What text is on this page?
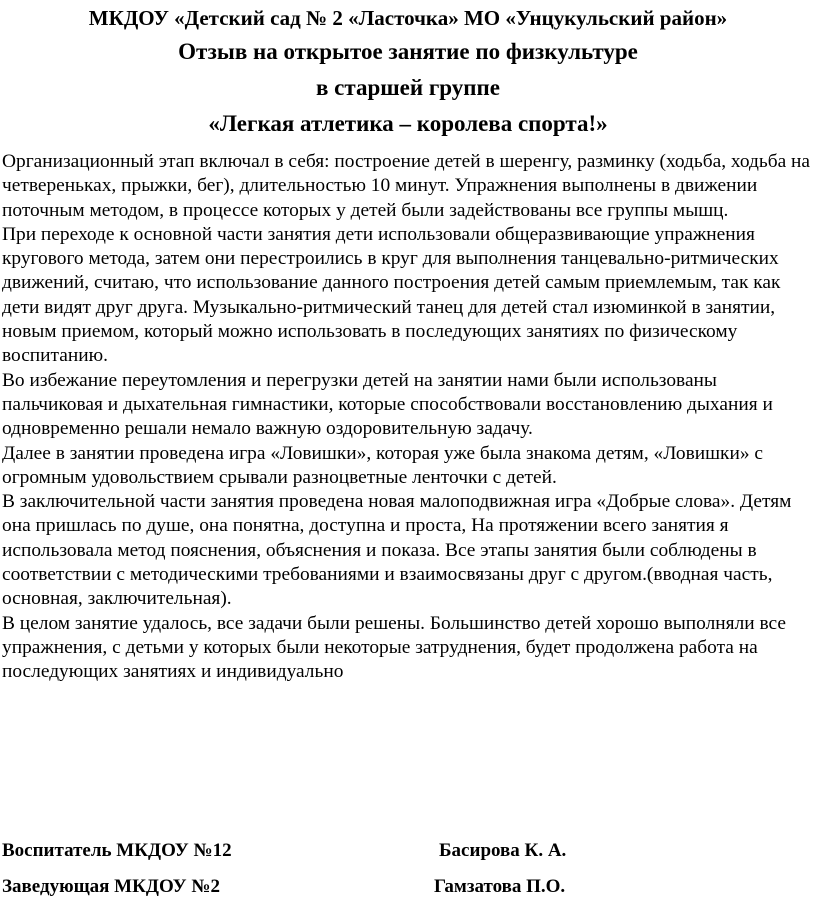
МКДОУ «Детский сад № 2 «Ласточка» МО «Унцукульский район»
Отзыв на открытое занятие по физкультуре
в старшей группе
«Легкая атлетика – королева спорта!»

Организационный этап включал в себя: построение детей в шеренгу, разминку (ходьба, ходьба на четвереньках, прыжки, бег), длительностью 10 минут. Упражнения выполнены в движении поточным методом, в процессе которых у детей были задействованы все группы мышц.

При переходе к основной части занятия дети использовали общеразвивающие упражнения кругового метода, затем они перестроились в круг для выполнения танцевально-ритмических движений, считаю, что использование данного построения детей самым приемлемым, так как дети видят друг друга. Музыкально-ритмический танец для детей стал изюминкой в занятии, новым приемом, который можно использовать в последующих занятиях по физическому воспитанию.

Во избежание переутомления и перегрузки детей на занятии нами были использованы пальчиковая и дыхательная гимнастики, которые способствовали восстановлению дыхания и одновременно решали немало важную оздоровительную задачу.

Далее в занятии проведена игра «Ловишки», которая уже была знакома детям, «Ловишки» с огромным удовольствием срывали разноцветные ленточки с детей.

В заключительной части занятия проведена новая малоподвижная игра «Добрые слова». Детям она пришлась по душе, она понятна, доступна и проста, На протяжении всего занятия я использовала метод пояснения, объяснения и показа. Все этапы занятия были соблюдены в соответствии с методическими требованиями и взаимосвязаны друг с другом.(вводная часть, основная, заключительная).

В целом занятие удалось, все задачи были решены. Большинство детей хорошо выполняли все упражнения, с детьми у которых были некоторые затруднения, будет продолжена работа на последующих занятиях и индивидуально

Воспитатель МКДОУ №12	Басирова К. А.
Заведующая МКДОУ №2	Гамзатова П.О.
